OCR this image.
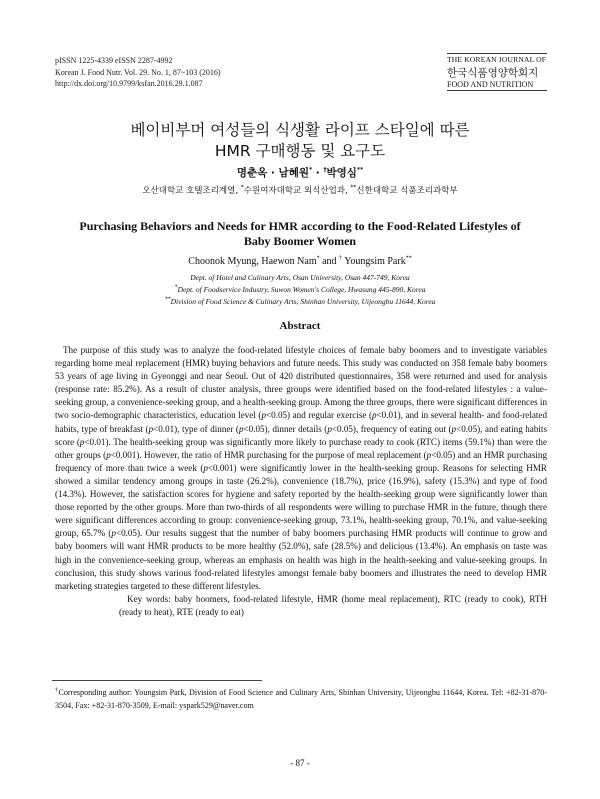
pISSN 1225-4339 eISSN 2287-4992
Korean J. Food Nutr. Vol. 29. No. 1, 87~103 (2016)
http://dx.doi.org/10.9799/ksfan.2016.29.1.087
THE KOREAN JOURNAL OF
한국식품영양학회지
FOOD AND NUTRITION
베이비부머 여성들의 식생활 라이프 스타일에 따른
HMR 구매행동 및 요구도
명춘옥 · 남혜원* · †박영심**
오산대학교 호텔조리계열, *수원여자대학교 외식산업과, **신한대학교 식품조리과학부
Purchasing Behaviors and Needs for HMR according to the Food-Related Lifestyles of
Baby Boomer Women
Choonok Myung, Haewon Nam* and † Youngsim Park**
Dept. of Hotel and Culinary Arts, Osan University, Osan 447-749, Korea
*Dept. of Foodservice Industry, Suwon Women's College, Hwasung 445-890, Korea
**Division of Food Science & Culinary Arts, Shinhan University, Uijeongbu 11644, Korea
Abstract

The purpose of this study was to analyze the food-related lifestyle choices of female baby boomers and to investigate variables regarding home meal replacement (HMR) buying behaviors and future needs. This study was conducted on 358 female baby boomers 53 years of age living in Gyeonggi and near Seoul. Out of 420 distributed questionnaires, 358 were returned and used for analysis (response rate: 85.2%). As a result of cluster analysis, three groups were identified based on the food-related lifestyles : a value-seeking group, a convenience-seeking group, and a health-seeking group. Among the three groups, there were significant differences in two socio-demographic characteristics, education level (p<0.05) and regular exercise (p<0.01), and in several health- and food-related habits, type of breakfast (p<0.01), type of dinner (p<0.05), dinner details (p<0.05), frequency of eating out (p<0.05), and eating habits score (p<0.01). The health-seeking group was significantly more likely to purchase ready to cook (RTC) items (59.1%) than were the other groups (p<0.001). However, the ratio of HMR purchasing for the purpose of meal replacement (p<0.05) and an HMR purchasing frequency of more than twice a week (p<0.001) were significantly lower in the health-seeking group. Reasons for selecting HMR showed a similar tendency among groups in taste (26.2%), convenience (18.7%), price (16.9%), safety (15.3%) and type of food (14.3%). However, the satisfaction scores for hygiene and safety reported by the health-seeking group were significantly lower than those reported by the other groups. More than two-thirds of all respondents were willing to purchase HMR in the future, though there were significant differences according to group: convenience-seeking group, 73.1%, health-seeking group, 70.1%, and value-seeking group, 65.7% (p<0.05). Our results suggest that the number of baby boomers purchasing HMR products will continue to grow and baby boomers will want HMR products to be more healthy (52.0%), safe (28.5%) and delicious (13.4%). An emphasis on taste was high in the convenience-seeking group, whereas an emphasis on health was high in the health-seeking and value-seeking groups. In conclusion, this study shows various food-related lifestyles amongst female baby boomers and illustrates the need to develop HMR marketing strategies targeted to these different lifestyles.

Key words: baby boomers, food-related lifestyle, HMR (home meal replacement), RTC (ready to cook), RTH (ready to heat), RTE (ready to eat)

†Corresponding author: Youngsim Park, Division of Food Science and Culinary Arts, Shinhan University, Uijeongbu 11644, Korea. Tel: +82-31-870-3504, Fax: +82-31-870-3509, E-mail: yspark529@naver.com
- 87 -
